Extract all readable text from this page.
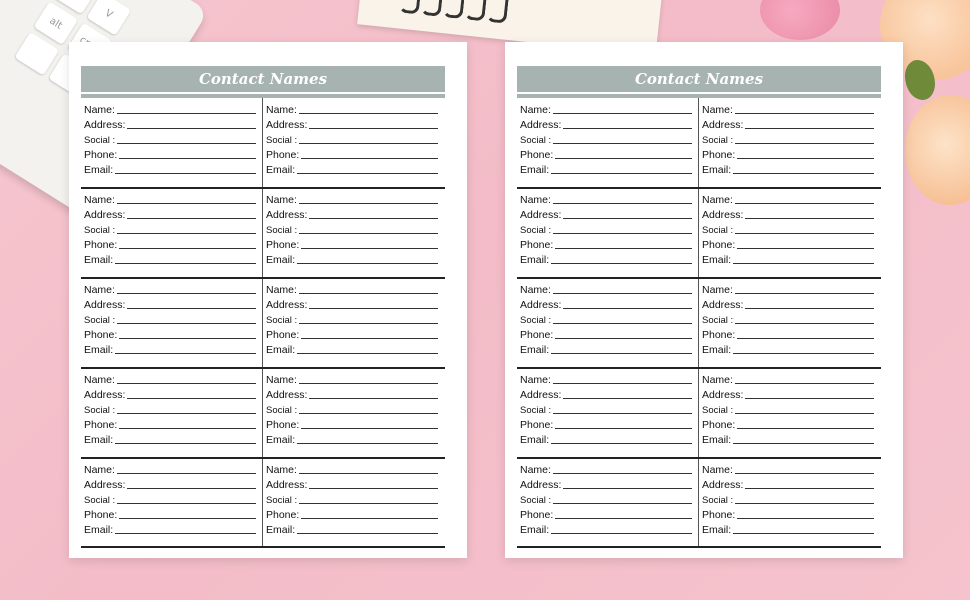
V
alt
Contact Names
Name:
Address:
Social :
Phone:
Email:
Name:
Address:
Social :
Phone:
Email:
Name:
Address:
Social :
Phone:
Email:
Name:
Address:
Social :
Phone:
Email:
Name:
Address:
Social :
Phone:
Email:
Name:
Address:
Social :
Phone:
Email:
Name:
Address:
Social :
Phone:
Email:
Name:
Address:
Social :
Phone:
Email:
Name:
Address:
Social :
Phone:
Email:
Name:
Address:
Social :
Phone:
Email:
Contact Names
Name:
Address:
Social :
Phone:
Email:
Name:
Address:
Social :
Phone:
Email:
Name:
Address:
Social :
Phone:
Email:
Name:
Address:
Social :
Phone:
Email:
Name:
Address:
Social :
Phone:
Email:
Name:
Address:
Social :
Phone:
Email:
Name:
Address:
Social :
Phone:
Email:
Name:
Address:
Social :
Phone:
Email:
Name:
Address:
Social :
Phone:
Email:
Name:
Address:
Social :
Phone:
Email:
